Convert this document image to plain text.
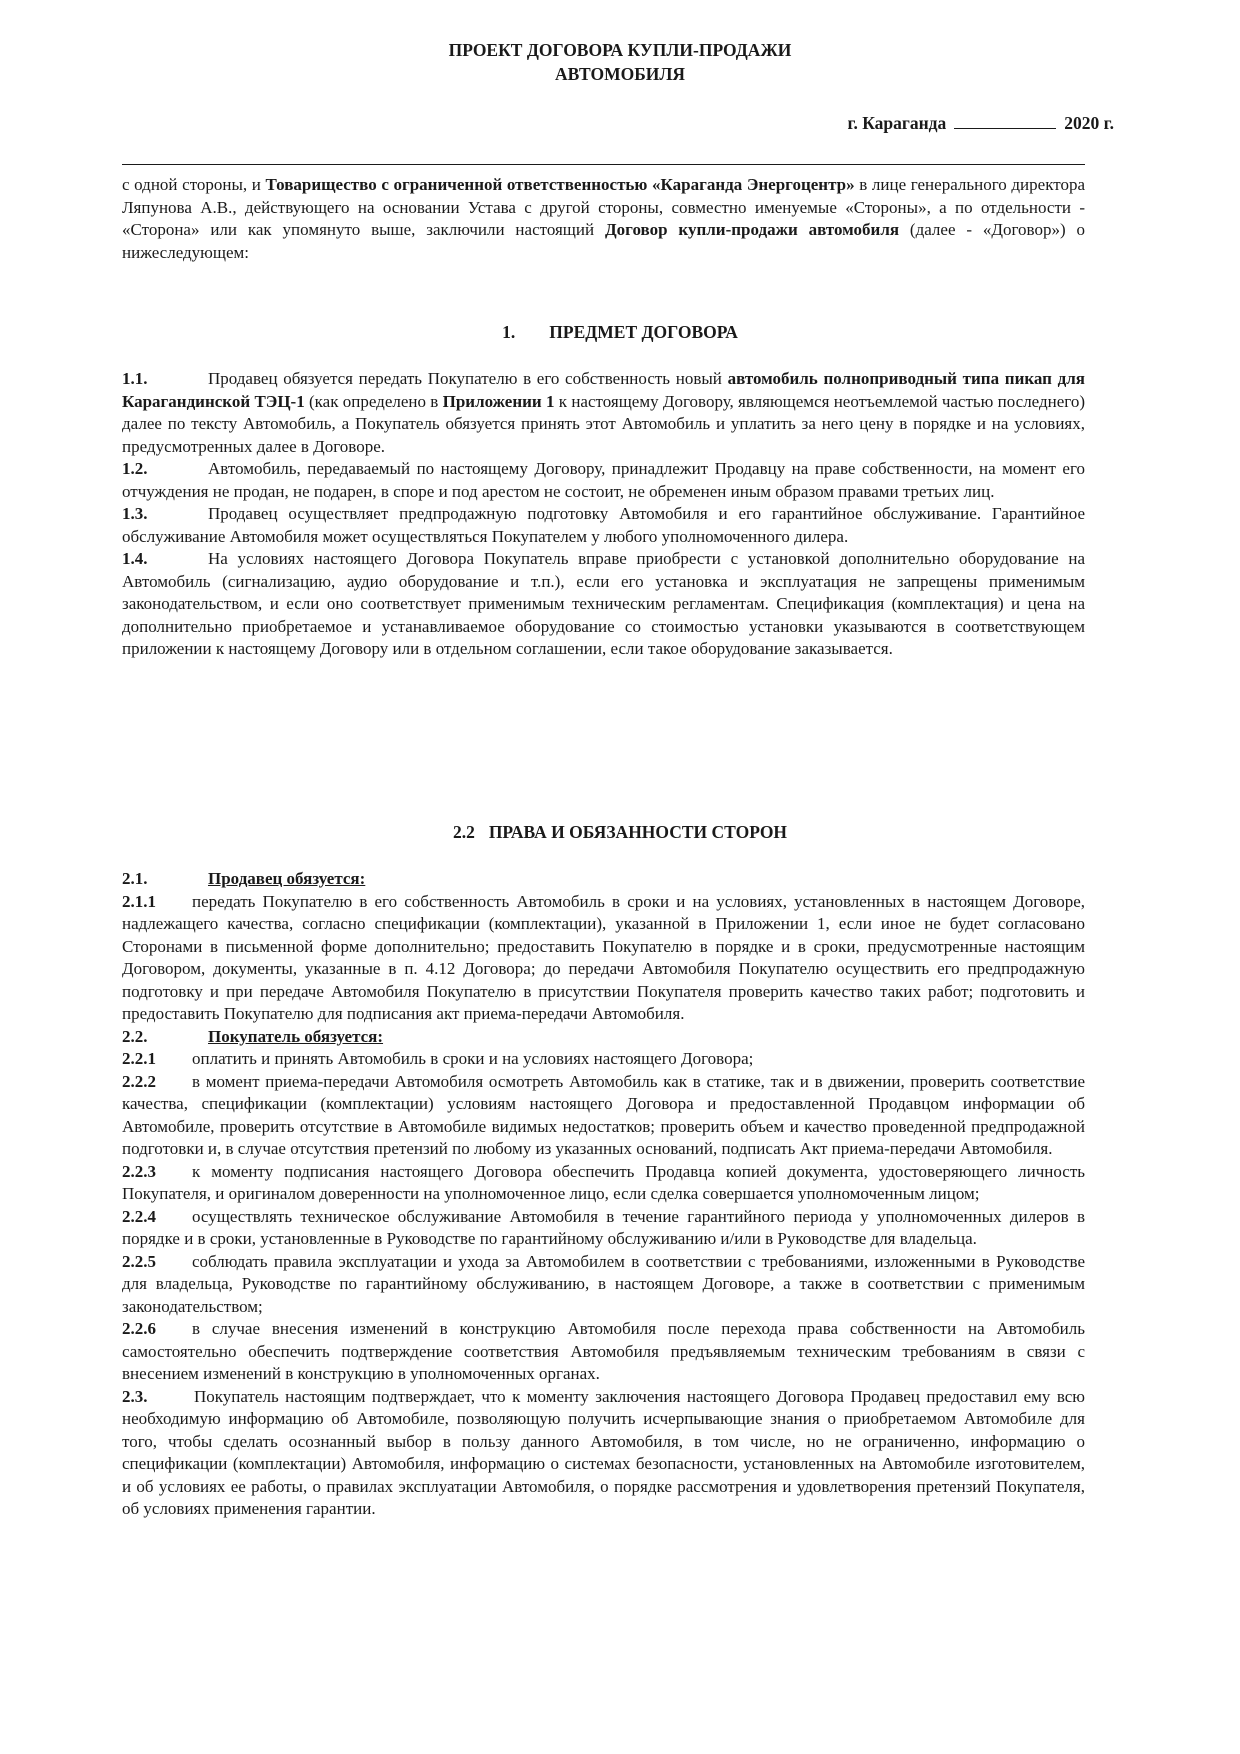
ПРОЕКТ ДОГОВОРА КУПЛИ-ПРОДАЖИ
АВТОМОБИЛЯ
г. Караганда	2020 г.
с одной стороны, и Товарищество с ограниченной ответственностью «Караганда Энергоцентр» в лице генерального директора Ляпунова А.В., действующего на основании Устава с другой стороны, совместно именуемые «Стороны», а по отдельности - «Сторона» или как упомянуто выше, заключили настоящий Договор купли-продажи автомобиля (далее - «Договор») о нижеследующем:
1. ПРЕДМЕТ ДОГОВОРА

1.1.	Продавец обязуется передать Покупателю в его собственность новый автомобиль полноприводный типа пикап для Карагандинской ТЭЦ-1 (как определено в Приложении 1 к настоящему Договору, являющемся неотъемлемой частью последнего) далее по тексту Автомобиль, а Покупатель обязуется принять этот Автомобиль и уплатить за него цену в порядке и на условиях, предусмотренных далее в Договоре.

1.2.	Автомобиль, передаваемый по настоящему Договору, принадлежит Продавцу на праве собственности, на момент его отчуждения не продан, не подарен, в споре и под арестом не состоит, не обременен иным образом правами третьих лиц.

1.3.	Продавец осуществляет предпродажную подготовку Автомобиля и его гарантийное обслуживание. Гарантийное обслуживание Автомобиля может осуществляться Покупателем у любого уполномоченного дилера.

1.4.	На условиях настоящего Договора Покупатель вправе приобрести с установкой дополнительно оборудование на Автомобиль (сигнализацию, аудио оборудование и т.п.), если его установка и эксплуатация не запрещены применимым законодательством, и если оно соответствует применимым техническим регламентам. Спецификация (комплектация) и цена на дополнительно приобретаемое и устанавливаемое оборудование со стоимостью установки указываются в соответствующем приложении к настоящему Договору или в отдельном соглашении, если такое оборудование заказывается.

2.2 ПРАВА И ОБЯЗАННОСТИ СТОРОН

2.1.	Продавец обязуется:

2.1.1 передать Покупателю в его собственность Автомобиль в сроки и на условиях, установленных в настоящем Договоре, надлежащего качества, согласно спецификации (комплектации), указанной в Приложении 1, если иное не будет согласовано Сторонами в письменной форме дополнительно; предоставить Покупателю в порядке и в сроки, предусмотренные настоящим Договором, документы, указанные в п. 4.12 Договора; до передачи Автомобиля Покупателю осуществить его предпродажную подготовку и при передаче Автомобиля Покупателю в присутствии Покупателя проверить качество таких работ; подготовить и предоставить Покупателю для подписания акт приема-передачи Автомобиля.

2.2.	Покупатель обязуется:

2.2.1 оплатить и принять Автомобиль в сроки и на условиях настоящего Договора;

2.2.2 в момент приема-передачи Автомобиля осмотреть Автомобиль как в статике, так и в движении, проверить соответствие качества, спецификации (комплектации) условиям настоящего Договора и предоставленной Продавцом информации об Автомобиле, проверить отсутствие в Автомобиле видимых недостатков; проверить объем и качество проведенной предпродажной подготовки и, в случае отсутствия претензий по любому из указанных оснований, подписать Акт приема-передачи Автомобиля.

2.2.3 к моменту подписания настоящего Договора обеспечить Продавца копией документа, удостоверяющего личность Покупателя, и оригиналом доверенности на уполномоченное лицо, если сделка совершается уполномоченным лицом;

2.2.4 осуществлять техническое обслуживание Автомобиля в течение гарантийного периода у уполномоченных дилеров в порядке и в сроки, установленные в Руководстве по гарантийному обслуживанию и/или в Руководстве для владельца.

2.2.5 соблюдать правила эксплуатации и ухода за Автомобилем в соответствии с требованиями, изложенными в Руководстве для владельца, Руководстве по гарантийному обслуживанию, в настоящем Договоре, а также в соответствии с применимым законодательством;

2.2.6 в случае внесения изменений в конструкцию Автомобиля после перехода права собственности на Автомобиль самостоятельно обеспечить подтверждение соответствия Автомобиля предъявляемым техническим требованиям в связи с внесением изменений в конструкцию в уполномоченных органах.

2.3.	Покупатель настоящим подтверждает, что к моменту заключения настоящего Договора Продавец предоставил ему всю необходимую информацию об Автомобиле, позволяющую получить исчерпывающие знания о приобретаемом Автомобиле для того, чтобы сделать осознанный выбор в пользу данного Автомобиля, в том числе, но не ограниченно, информацию о спецификации (комплектации) Автомобиля, информацию о системах безопасности, установленных на Автомобиле изготовителем, и об условиях ее работы, о правилах эксплуатации Автомобиля, о порядке рассмотрения и удовлетворения претензий Покупателя, об условиях применения гарантии.
